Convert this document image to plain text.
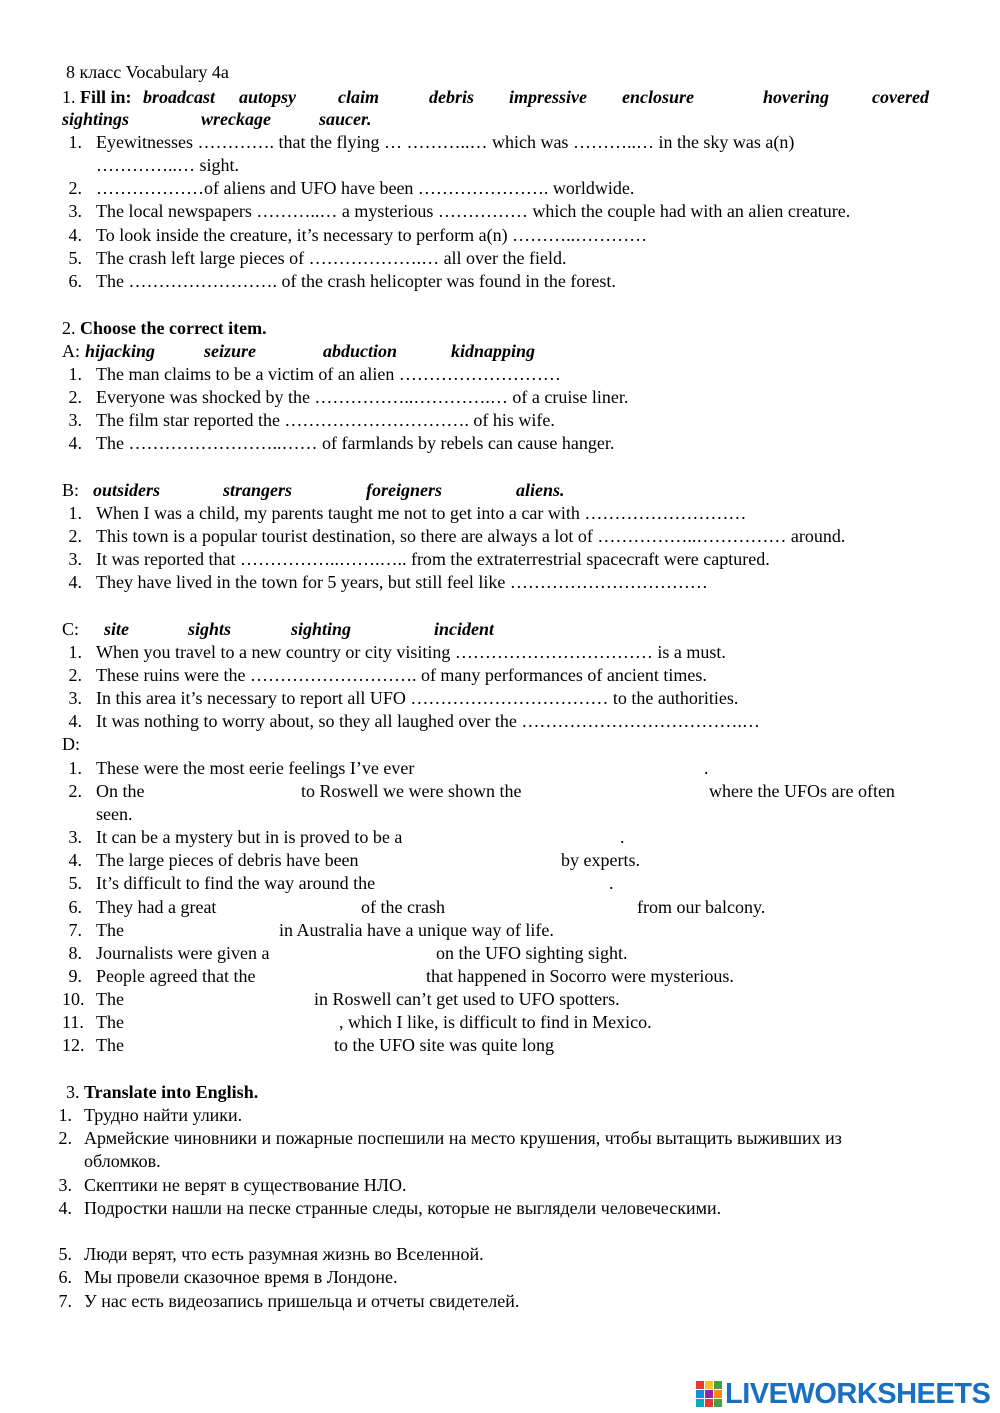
8 класс Vocabulary 4a
1. Fill in: broadcast autopsy claim	debris impressive enclosure	hovering covered
sightings	wreckage	saucer.
1. Eyewitnesses …………. that the flying … ………..… which was ………..… in the sky was a(n)
…………..… sight.
2. ………………of aliens and UFO have been …………………. worldwide.
3. The local newspapers ………..… a mysterious …………… which the couple had with an alien creature.
4. To look inside the creature, it’s necessary to perform a(n) ………..…………
5. The crash left large pieces of ……………….… all over the field.
6. The ……………………. of the crash helicopter was found in the forest.
2. Choose the correct item.
A: hijacking	seizure	abduction	kidnapping
1. The man claims to be a victim of an alien ………………………
2. Everyone was shocked by the ……………..………….… of a cruise liner.
3. The film star reported the …………………………. of his wife.
4. The ……………………..…… of farmlands by rebels can cause hanger.
B: outsiders	strangers	foreigners	aliens.
1. When I was a child, my parents taught me not to get into a car with ………………………
2. This town is a popular tourist destination, so there are always a lot of ……………..…………… around.
3. It was reported that ……………..…….….. from the extraterrestrial spacecraft were captured.
4. They have lived in the town for 5 years, but still feel like ……………………………
C: site	sights	sighting	incident
1. When you travel to a new country or city visiting …………………………… is a must.
2. These ruins were the ………………………. of many performances of ancient times.
3. In this area it’s necessary to report all UFO …………………………… to the authorities.
4. It was nothing to worry about, so they all laughed over the ……………………………….…
D:
1. These were the most eerie feelings I’ve ever	.
2. On the	to Roswell we were shown the	where the UFOs are often
seen.
3. It can be a mystery but in is proved to be a	.
4. The large pieces of debris have been	by experts.
5. It’s difficult to find the way around the	.
6. They had a great	of the crash	from our balcony.
7. The	in Australia have a unique way of life.
8. Journalists were given a	on the UFO sighting sight.
9. People agreed that the	that happened in Socorro were mysterious.
10. The	in Roswell can’t get used to UFO spotters.
11. The	, which I like, is difficult to find in Mexico.
12. The	to the UFO site was quite long
3. Translate into English.
1. Трудно найти улики.
2. Армейские чиновники и пожарные поспешили на место крушения, чтобы вытащить выживших из
обломков.
3. Скептики не верят в существование НЛО.
4. Подростки нашли на песке странные следы, которые не выглядели человеческими.
5. Люди верят, что есть разумная жизнь во Вселенной.
6. Мы провели сказочное время в Лондоне.
7. У нас есть видеозапись пришельца и отчеты свидетелей.
LIVEWORKSHEETS
